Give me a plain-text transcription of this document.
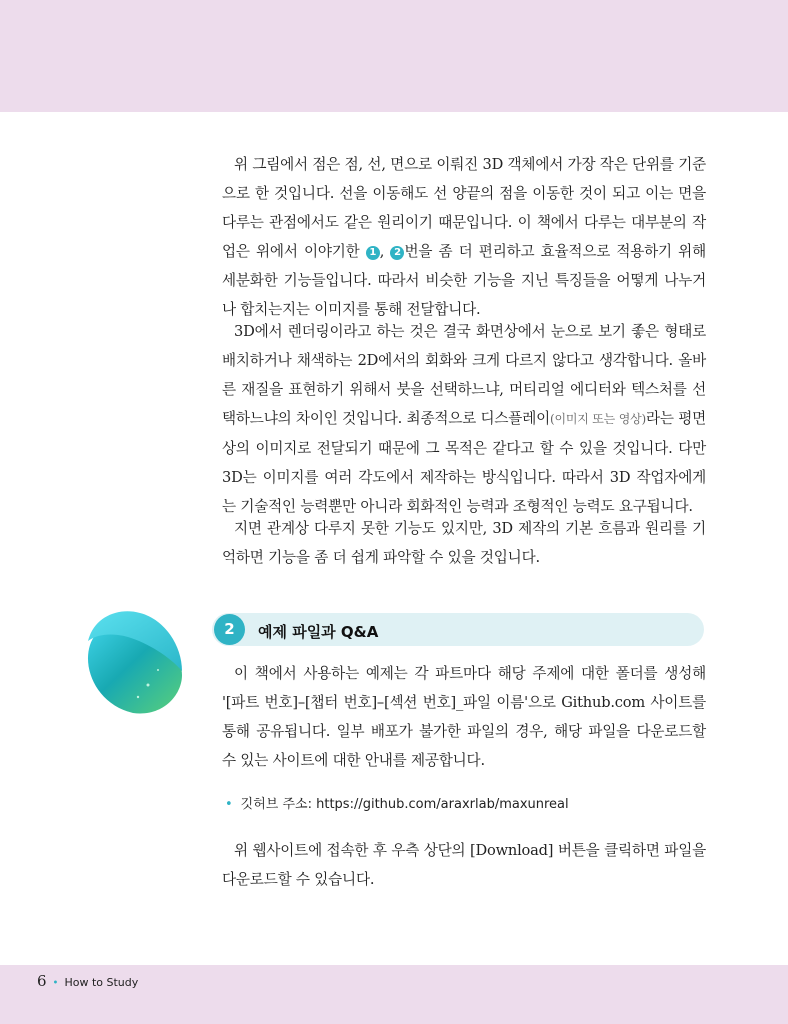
위 그림에서 점은 점, 선, 면으로 이뤄진 3D 객체에서 가장 작은 단위를 기준으로 한 것입니다. 선을 이동해도 선 양끝의 점을 이동한 것이 되고 이는 면을 다루는 관점에서도 같은 원리이기 때문입니다. 이 책에서 다루는 대부분의 작업은 위에서 이야기한 1 , 2 번을 좀 더 편리하고 효율적으로 적용하기 위해 세분화한 기능들입니다. 따라서 비슷한 기능을 지닌 특징들을 어떻게 나누거나 합치는지는 이미지를 통해 전달합니다.

3D에서 렌더링이라고 하는 것은 결국 화면상에서 눈으로 보기 좋은 형태로 배치하거나 채색하는 2D에서의 회화와 크게 다르지 않다고 생각합니다. 올바른 재질을 표현하기 위해서 붓을 선택하느냐, 머티리얼 에디터와 텍스처를 선택하느냐의 차이인 것입니다. 최종적으로 디스플레이(이미지 또는 영상)라는 평면상의 이미지로 전달되기 때문에 그 목적은 같다고 할 수 있을 것입니다. 다만 3D는 이미지를 여러 각도에서 제작하는 방식입니다. 따라서 3D 작업자에게는 기술적인 능력뿐만 아니라 회화적인 능력과 조형적인 능력도 요구됩니다.

지면 관계상 다루지 못한 기능도 있지만, 3D 제작의 기본 흐름과 원리를 기억하면 기능을 좀 더 쉽게 파악할 수 있을 것입니다.

2	예제 파일과 Q&A

이 책에서 사용하는 예제는 각 파트마다 해당 주제에 대한 폴더를 생성해 '[파트 번호]–[챕터 번호]–[섹션 번호]_파일 이름'으로 Github.com 사이트를 통해 공유됩니다. 일부 배포가 불가한 파일의 경우, 해당 파일을 다운로드할 수 있는 사이트에 대한 안내를 제공합니다.

• 깃허브 주소: https://github.com/araxrlab/maxunreal

위 웹사이트에 접속한 후 우측 상단의 [Download] 버튼을 클릭하면 파일을 다운로드할 수 있습니다.

6 • How to Study
